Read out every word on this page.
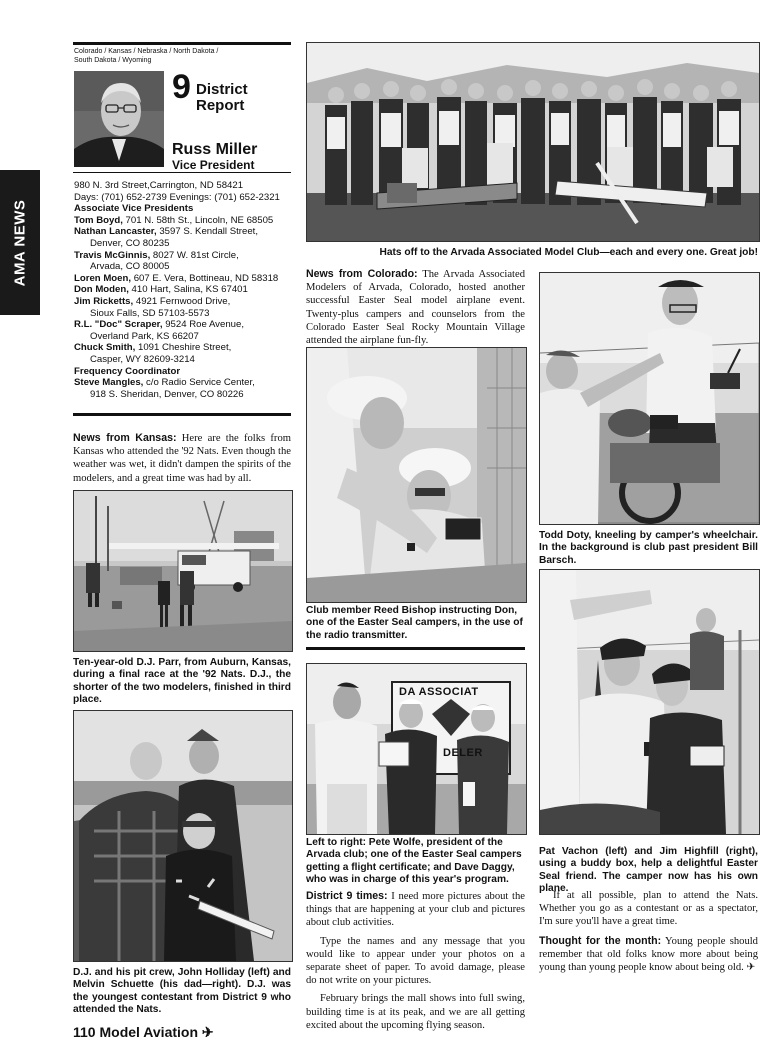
AMA NEWS
Colorado / Kansas / Nebraska / North Dakota /
South Dakota / Wyoming
9 District
Report
Russ Miller
Vice President
980 N. 3rd Street,Carrington, ND 58421
Days: (701) 652-2739 Evenings: (701) 652-2321
Associate Vice Presidents
Tom Boyd, 701 N. 58th St., Lincoln, NE 68505
Nathan Lancaster, 3597 S. Kendall Street,
Denver, CO 80235
Travis McGinnis, 8027 W. 81st Circle,
Arvada, CO 80005
Loren Moen, 607 E. Vera, Bottineau, ND 58318
Don Moden, 410 Hart, Salina, KS 67401
Jim Ricketts, 4921 Fernwood Drive,
Sioux Falls, SD 57103-5573
R.L. "Doc" Scraper, 9524 Roe Avenue,
Overland Park, KS 66207
Chuck Smith, 1091 Cheshire Street,
Casper, WY 82609-3214
Frequency Coordinator
Steve Mangles, c/o Radio Service Center,
918 S. Sheridan, Denver, CO 80226

News from Kansas: Here are the folks from Kansas who attended the '92 Nats. Even though the weather was wet, it didn't dampen the spirits of the modelers, and a great time was had by all.

Ten-year-old D.J. Parr, from Auburn, Kansas, during a final race at the '92 Nats. D.J., the shorter of the two modelers, finished in third place.
D.J. and his pit crew, John Holliday (left) and Melvin Schuette (his dad—right). D.J. was the youngest contestant from District 9 who attended the Nats.
110 Model Aviation ✈
Hats off to the Arvada Associated Model Club—each and every one. Great job!

News from Colorado: The Arvada Associated Modelers of Arvada, Colorado, hosted another successful Easter Seal model airplane event. Twenty-plus campers and counselors from the Colorado Easter Seal Rocky Mountain Village attended the airplane fun-fly.

Club member Reed Bishop instructing Don, one of the Easter Seal campers, in the use of the radio transmitter.
DA ASSOCIAT
DELER
Left to right: Pete Wolfe, president of the Arvada club; one of the Easter Seal campers getting a flight certificate; and Dave Daggy, who was in charge of this year's program.

District 9 times: I need more pictures about the things that are happening at your club and pictures about club activities.

Type the names and any message that you would like to appear under your photos on a separate sheet of paper. To avoid damage, please do not write on your pictures.

February brings the mall shows into full swing, building time is at its peak, and we are all getting excited about the upcoming flying season.

Todd Doty, kneeling by camper's wheelchair. In the background is club past president Bill Barsch.
Pat Vachon (left) and Jim Highfill (right), using a buddy box, help a delightful Easter Seal friend. The camper now has his own plane.

If at all possible, plan to attend the Nats. Whether you go as a contestant or as a spectator, I'm sure you'll have a great time.

Thought for the month: Young people should remember that old folks know more about being young than young people know about being old. ✈
